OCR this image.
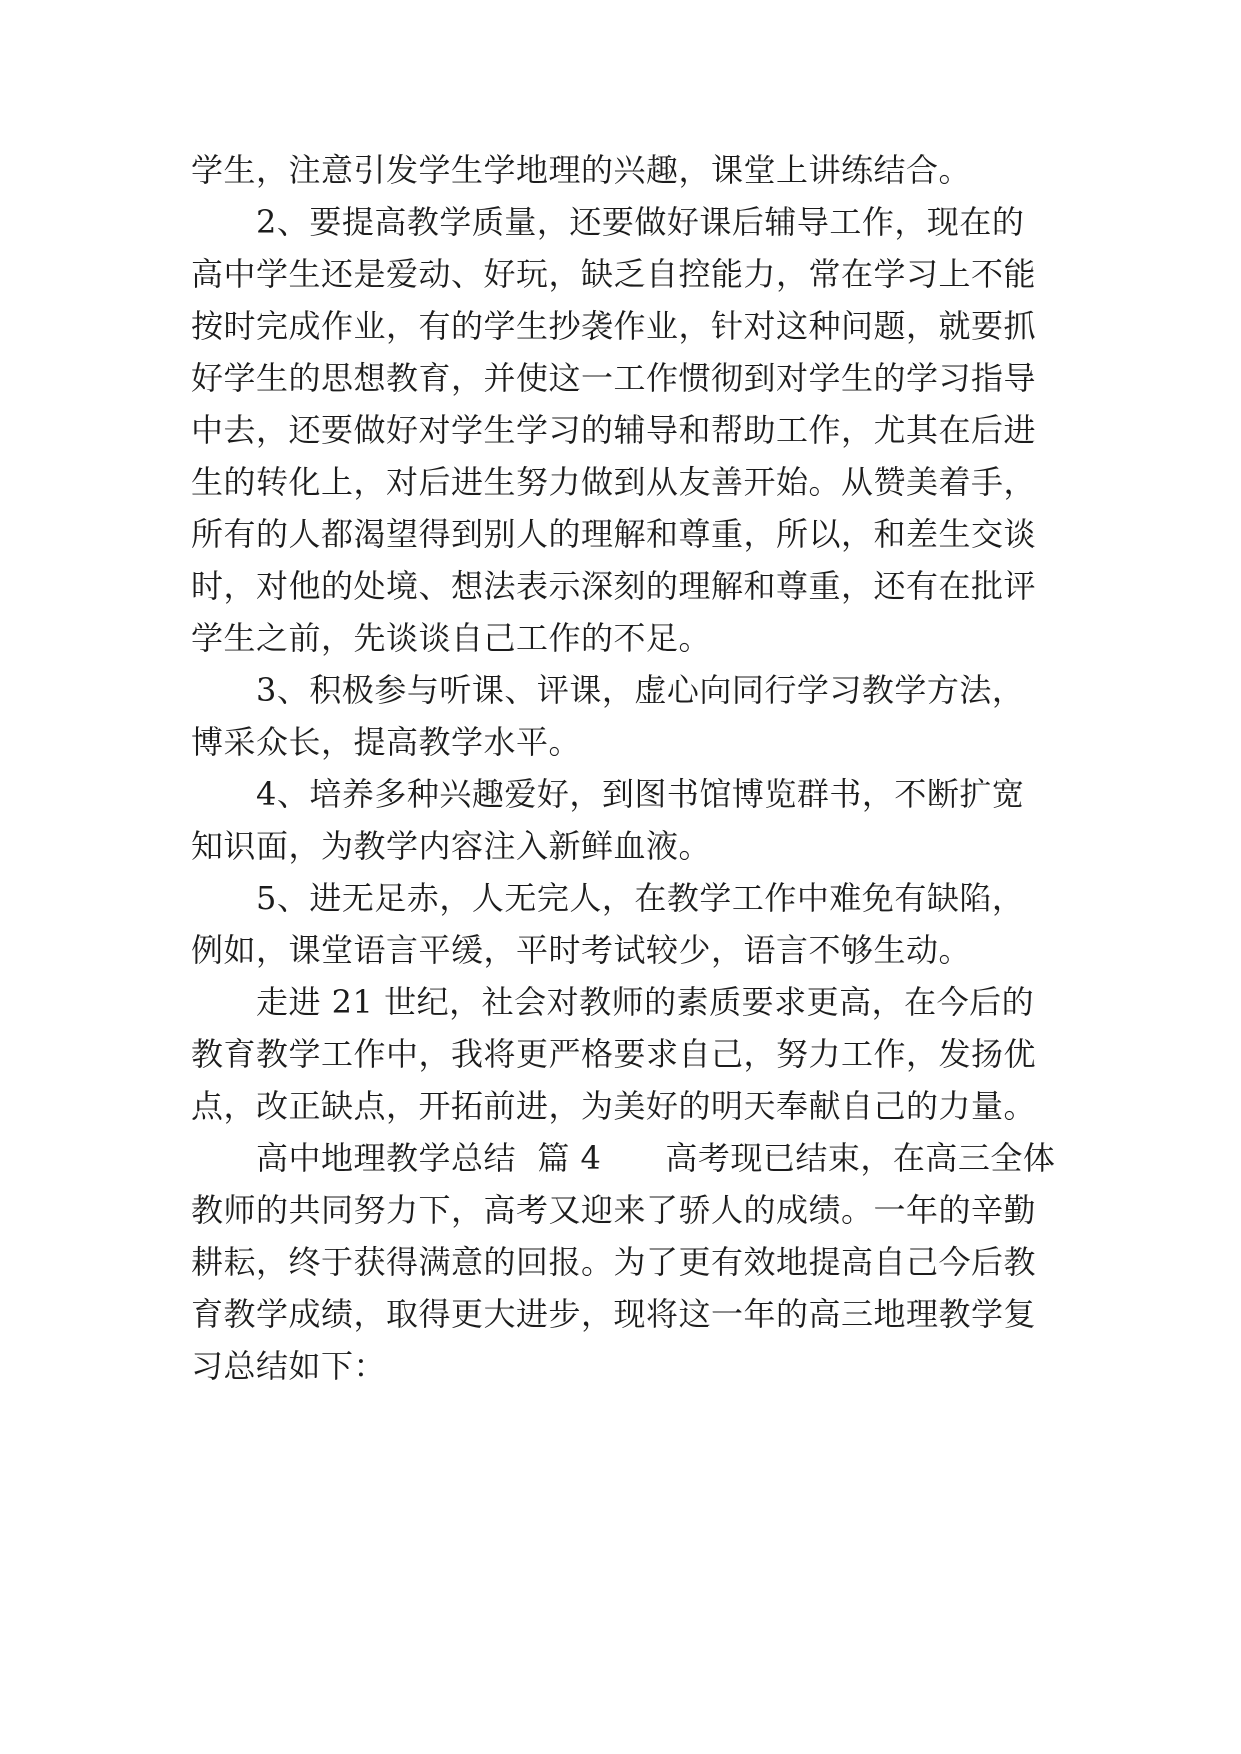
学生，注意引发学生学地理的兴趣，课堂上讲练结合。
2、要提高教学质量，还要做好课后辅导工作，现在的
高中学生还是爱动、好玩，缺乏自控能力，常在学习上不能
按时完成作业，有的学生抄袭作业，针对这种问题，就要抓
好学生的思想教育，并使这一工作惯彻到对学生的学习指导
中去，还要做好对学生学习的辅导和帮助工作，尤其在后进
生的转化上，对后进生努力做到从友善开始。从赞美着手，
所有的人都渴望得到别人的理解和尊重，所以，和差生交谈
时，对他的处境、想法表示深刻的理解和尊重，还有在批评
学生之前，先谈谈自己工作的不足。
3、积极参与听课、评课，虚心向同行学习教学方法，
博采众长，提高教学水平。
4、培养多种兴趣爱好，到图书馆博览群书，不断扩宽
知识面，为教学内容注入新鲜血液。
5、进无足赤，人无完人，在教学工作中难免有缺陷，
例如，课堂语言平缓，平时考试较少，语言不够生动。
走进 21 世纪，社会对教师的素质要求更高，在今后的
教育教学工作中，我将更严格要求自己，努力工作，发扬优
点，改正缺点，开拓前进，为美好的明天奉献自己的力量。
高中地理教学总结  篇 4      高考现已结束，在高三全体
教师的共同努力下，高考又迎来了骄人的成绩。一年的辛勤
耕耘，终于获得满意的回报。为了更有效地提高自己今后教
育教学成绩，取得更大进步，现将这一年的高三地理教学复
习总结如下：
